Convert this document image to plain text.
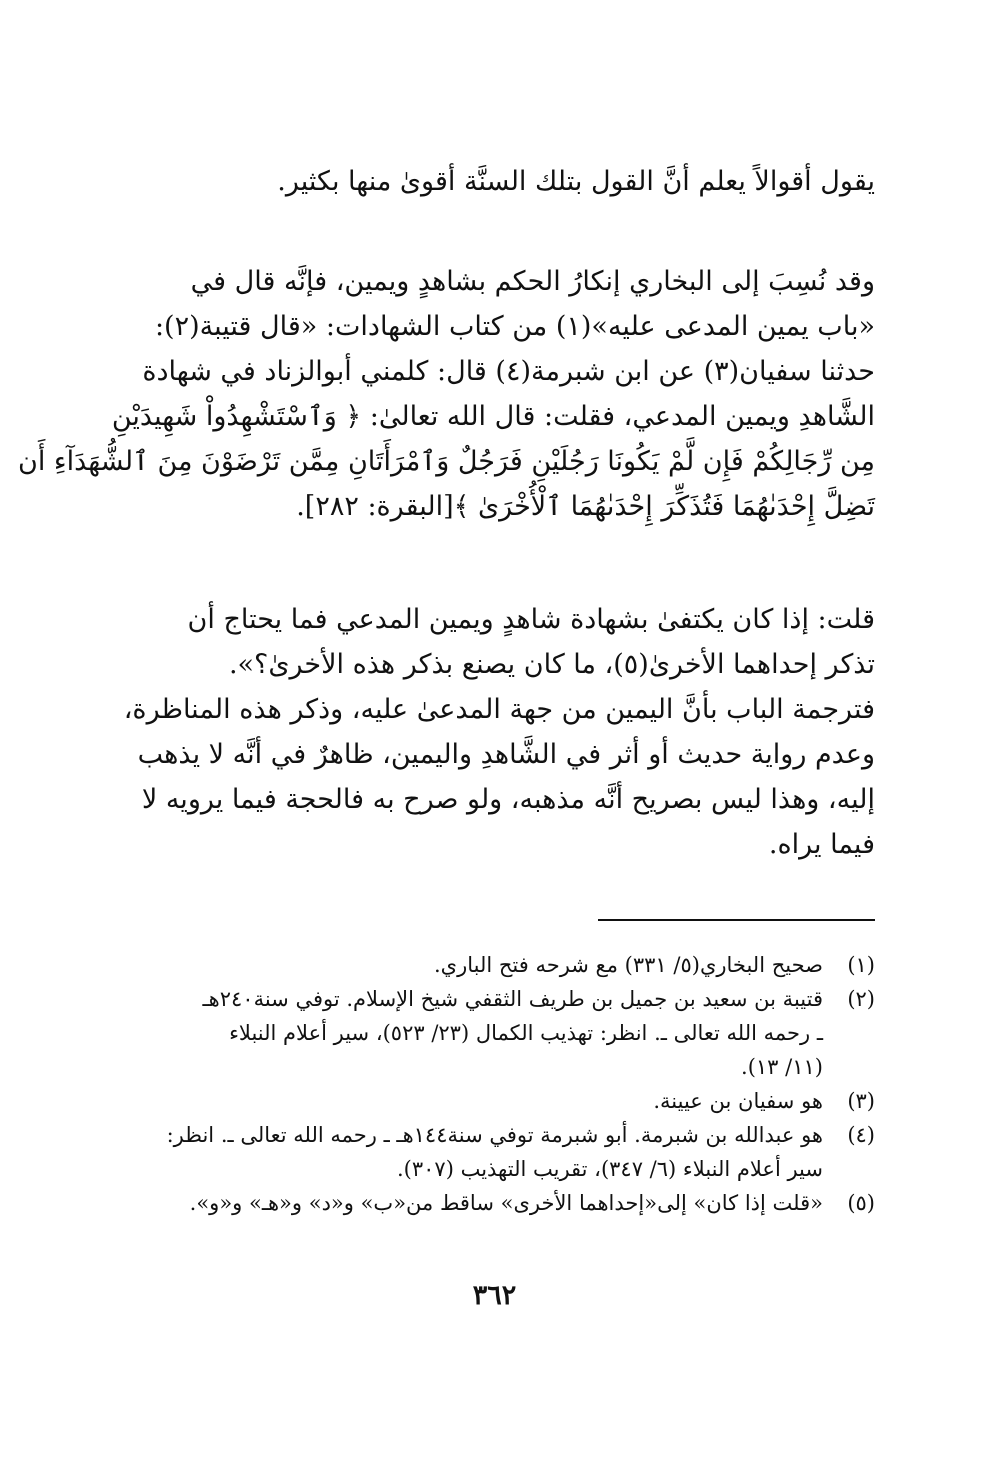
يقول أقوالاً يعلم أنَّ القول بتلك السنَّة أقوىٰ منها بكثير.
وقد نُسِبَ إلى البخاري إنكارُ الحكم بشاهدٍ ويمين، فإنَّه قال في
«باب يمين المدعى عليه»(١) من كتاب الشهادات: «قال قتيبة(٢):
حدثنا سفيان(٣) عن ابن شبرمة(٤) قال: كلمني أبوالزناد في شهادة
الشَّاهدِ ويمين المدعي، فقلت: قال الله تعالىٰ: ﴿ وَٱسْتَشْهِدُواْ شَهِيدَيْنِ
مِن رِّجَالِكُمْ فَإِن لَّمْ يَكُونَا رَجُلَيْنِ فَرَجُلٌ وَٱمْرَأَتَانِ مِمَّن تَرْضَوْنَ مِنَ ٱلشُّهَدَآءِ أَن
تَضِلَّ إِحْدَىٰهُمَا فَتُذَكِّرَ إِحْدَىٰهُمَا ٱلْأُخْرَىٰ ﴾[البقرة: ٢٨٢].
قلت: إذا كان يكتفىٰ بشهادة شاهدٍ ويمين المدعي فما يحتاج أن
تذكر إحداهما الأخرىٰ(٥)، ما كان يصنع بذكر هذه الأخرىٰ؟».
فترجمة الباب بأنَّ اليمين من جهة المدعىٰ عليه، وذكر هذه المناظرة،
وعدم رواية حديث أو أثر في الشَّاهدِ واليمين، ظاهرٌ في أنَّه لا يذهب
إليه، وهذا ليس بصريح أنَّه مذهبه، ولو صرح به فالحجة فيما يرويه لا
فيما يراه.
(١)
صحيح البخاري(٥/ ٣٣١) مع شرحه فتح الباري.
(٢)
قتيبة بن سعيد بن جميل بن طريف الثقفي شيخ الإسلام. توفي سنة٢٤٠هـ
ـ رحمه الله تعالى ـ. انظر: تهذيب الكمال (٢٣/ ٥٢٣)، سير أعلام النبلاء
(١١/ ١٣).
(٣)
هو سفيان بن عيينة.
(٤)
هو عبدالله بن شبرمة. أبو شبرمة توفي سنة١٤٤هـ ـ رحمه الله تعالى ـ. انظر:
سير أعلام النبلاء (٦/ ٣٤٧)، تقريب التهذيب (٣٠٧).
(٥)
«قلت إذا كان» إلى«إحداهما الأخرى» ساقط من«ب» و«د» و«هـ» و«و».
٣٦٢
